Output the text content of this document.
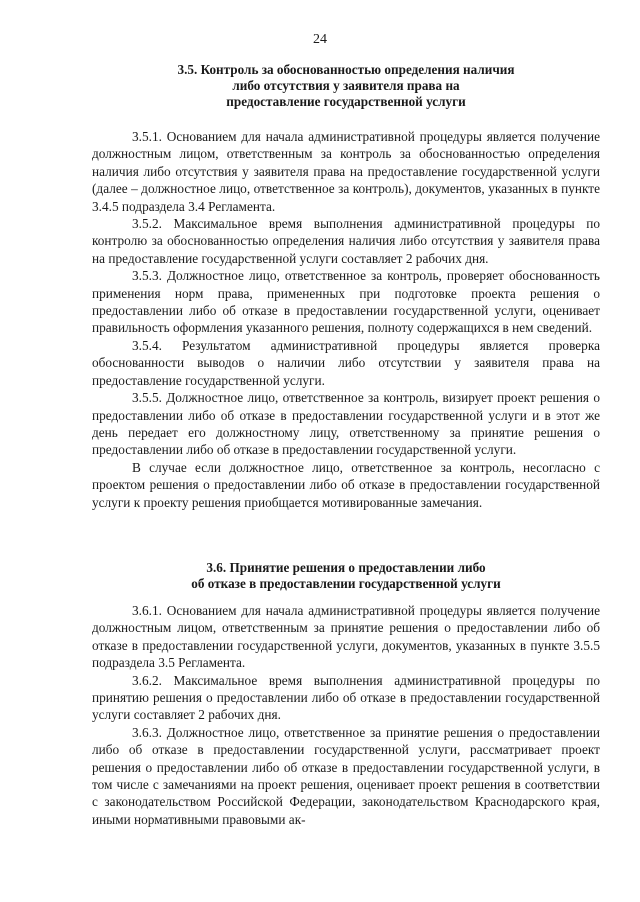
24
3.5. Контроль за обоснованностью определения наличия
либо отсутствия у заявителя права на
предоставление государственной услуги

3.5.1. Основанием для начала административной процедуры является получение должностным лицом, ответственным за контроль за обоснованностью определения наличия либо отсутствия у заявителя права на предоставление государственной услуги (далее – должностное лицо, ответственное за контроль), документов, указанных в пункте 3.4.5 подраздела 3.4 Регламента.

3.5.2. Максимальное время выполнения административной процедуры по контролю за обоснованностью определения наличия либо отсутствия у заявителя права на предоставление государственной услуги составляет 2 рабочих дня.

3.5.3. Должностное лицо, ответственное за контроль, проверяет обоснованность применения норм права, примененных при подготовке проекта решения о предоставлении либо об отказе в предоставлении государственной услуги, оценивает правильность оформления указанного решения, полноту содержащихся в нем сведений.

3.5.4. Результатом административной процедуры является проверка обоснованности выводов о наличии либо отсутствии у заявителя права на предоставление государственной услуги.

3.5.5. Должностное лицо, ответственное за контроль, визирует проект решения о предоставлении либо об отказе в предоставлении государственной услуги и в этот же день передает его должностному лицу, ответственному за принятие решения о предоставлении либо об отказе в предоставлении государственной услуги.

В случае если должностное лицо, ответственное за контроль, несогласно с проектом решения о предоставлении либо об отказе в предоставлении государственной услуги к проекту решения приобщается мотивированные замечания.

3.6. Принятие решения о предоставлении либо
об отказе в предоставлении государственной услуги

3.6.1. Основанием для начала административной процедуры является получение должностным лицом, ответственным за принятие решения о предоставлении либо об отказе в предоставлении государственной услуги, документов, указанных в пункте 3.5.5 подраздела 3.5 Регламента.

3.6.2. Максимальное время выполнения административной процедуры по принятию решения о предоставлении либо об отказе в предоставлении государственной услуги составляет 2 рабочих дня.

3.6.3. Должностное лицо, ответственное за принятие решения о предоставлении либо об отказе в предоставлении государственной услуги, рассматривает проект решения о предоставлении либо об отказе в предоставлении государственной услуги, в том числе с замечаниями на проект решения, оценивает проект решения в соответствии с законодательством Российской Федерации, законодательством Краснодарского края, иными нормативными правовыми ак-
